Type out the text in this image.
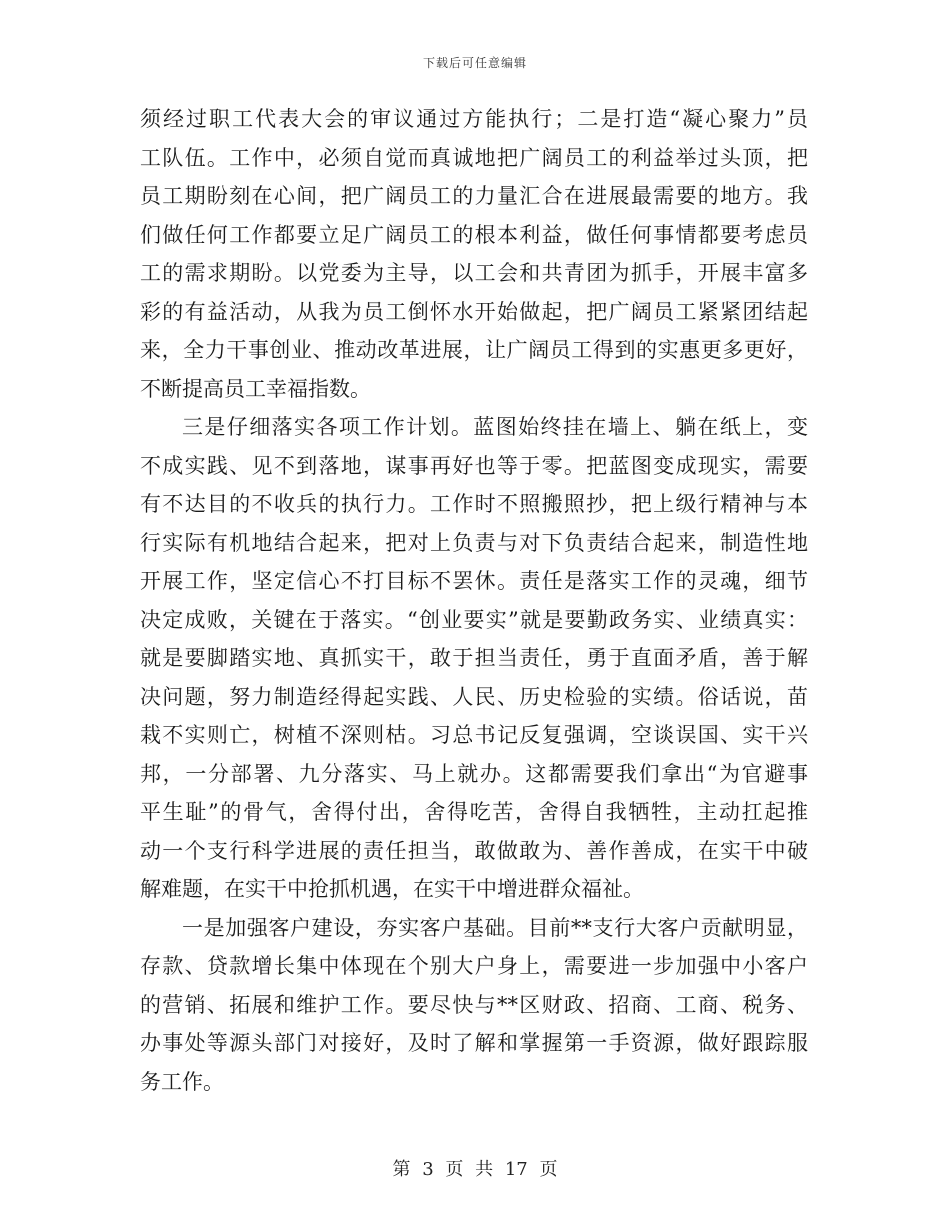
下载后可任意编辑
须经过职工代表大会的审议通过方能执行；二是打造“凝心聚力”员
工队伍。工作中，必须自觉而真诚地把广阔员工的利益举过头顶，把
员工期盼刻在心间，把广阔员工的力量汇合在进展最需要的地方。我
们做任何工作都要立足广阔员工的根本利益，做任何事情都要考虑员
工的需求期盼。以党委为主导，以工会和共青团为抓手，开展丰富多
彩的有益活动，从我为员工倒怀水开始做起，把广阔员工紧紧团结起
来，全力干事创业、推动改革进展，让广阔员工得到的实惠更多更好，
不断提高员工幸福指数。
三是仔细落实各项工作计划。蓝图始终挂在墙上、躺在纸上，变
不成实践、见不到落地，谋事再好也等于零。把蓝图变成现实，需要
有不达目的不收兵的执行力。工作时不照搬照抄，把上级行精神与本
行实际有机地结合起来，把对上负责与对下负责结合起来，制造性地
开展工作，坚定信心不打目标不罢休。责任是落实工作的灵魂，细节
决定成败，关键在于落实。“创业要实”就是要勤政务实、业绩真实：
就是要脚踏实地、真抓实干，敢于担当责任，勇于直面矛盾，善于解
决问题，努力制造经得起实践、人民、历史检验的实绩。俗话说，苗
栽不实则亡，树植不深则枯。习总书记反复强调，空谈误国、实干兴
邦，一分部署、九分落实、马上就办。这都需要我们拿出“为官避事
平生耻”的骨气，舍得付出，舍得吃苦，舍得自我牺牲，主动扛起推
动一个支行科学进展的责任担当，敢做敢为、善作善成，在实干中破
解难题，在实干中抢抓机遇，在实干中增进群众福祉。
一是加强客户建设，夯实客户基础。目前**支行大客户贡献明显，
存款、贷款增长集中体现在个别大户身上，需要进一步加强中小客户
的营销、拓展和维护工作。要尽快与**区财政、招商、工商、税务、
办事处等源头部门对接好，及时了解和掌握第一手资源，做好跟踪服
务工作。
第 3 页 共 17 页
